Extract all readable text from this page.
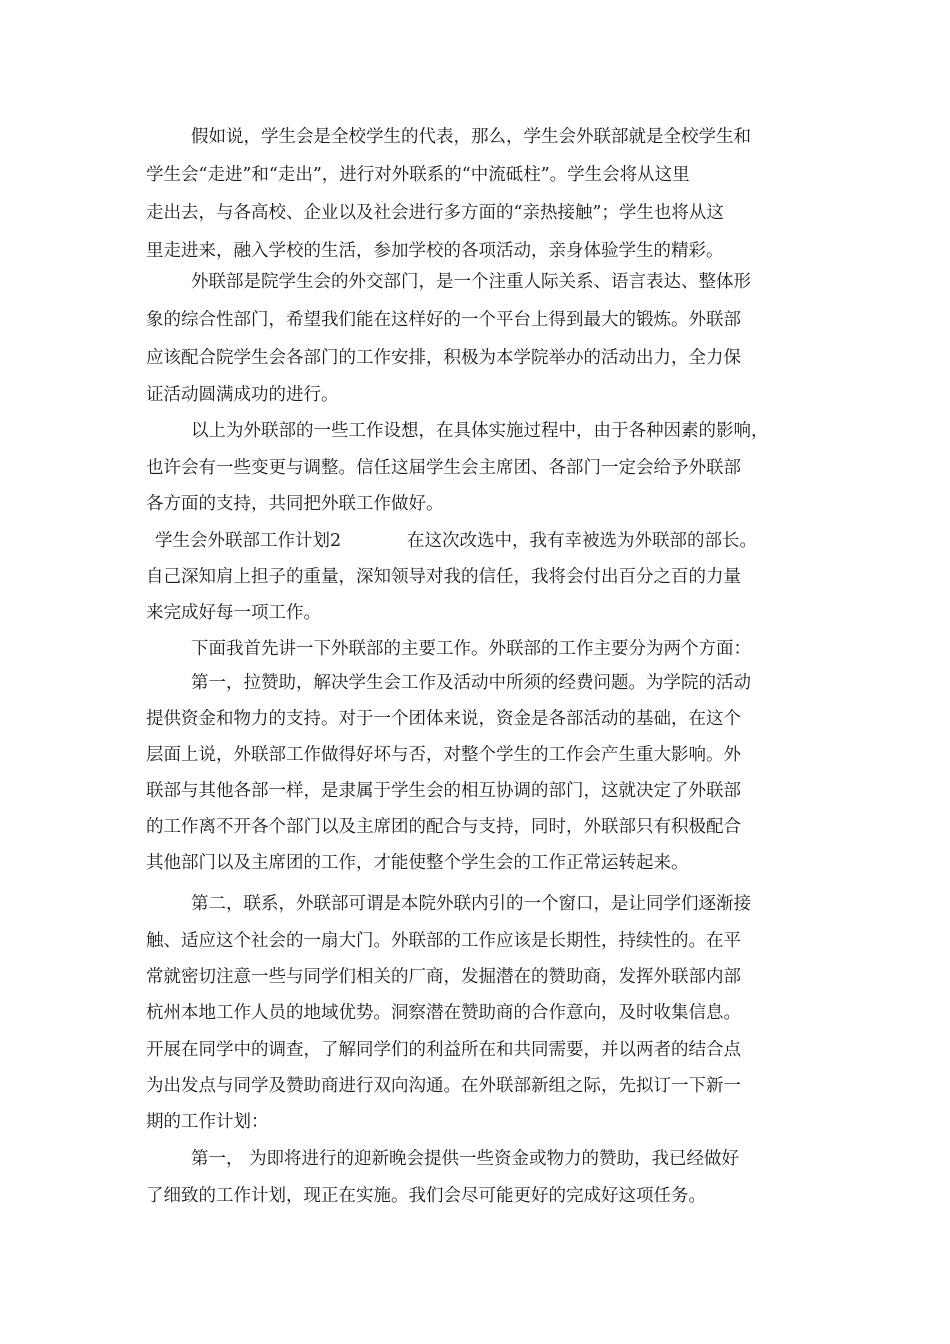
假如说，学生会是全校学生的代表，那么，学生会外联部就是全校学生和
学生会“走进”和“走出”，进行对外联系的“中流砥柱”。学生会将从这里
走出去，与各高校、企业以及社会进行多方面的“亲热接触”；学生也将从这
里走进来，融入学校的生活，参加学校的各项活动，亲身体验学生的精彩。
外联部是院学生会的外交部门，是一个注重人际关系、语言表达、整体形
象的综合性部门，希望我们能在这样好的一个平台上得到最大的锻炼。外联部
应该配合院学生会各部门的工作安排，积极为本学院举办的活动出力，全力保
证活动圆满成功的进行。
以上为外联部的一些工作设想，在具体实施过程中，由于各种因素的影响，
也许会有一些变更与调整。信任这届学生会主席团、各部门一定会给予外联部
各方面的支持，共同把外联工作做好。
学生会外联部工作计划2	在这次改选中，我有幸被选为外联部的部长。
自己深知肩上担子的重量，深知领导对我的信任，我将会付出百分之百的力量
来完成好每一项工作。
下面我首先讲一下外联部的主要工作。外联部的工作主要分为两个方面：
第一，拉赞助，解决学生会工作及活动中所须的经费问题。为学院的活动
提供资金和物力的支持。对于一个团体来说，资金是各部活动的基础，在这个
层面上说，外联部工作做得好坏与否，对整个学生的工作会产生重大影响。外
联部与其他各部一样，是隶属于学生会的相互协调的部门，这就决定了外联部
的工作离不开各个部门以及主席团的配合与支持，同时，外联部只有积极配合
其他部门以及主席团的工作，才能使整个学生会的工作正常运转起来。
第二，联系，外联部可谓是本院外联内引的一个窗口，是让同学们逐渐接
触、适应这个社会的一扇大门。外联部的工作应该是长期性，持续性的。在平
常就密切注意一些与同学们相关的厂商，发掘潜在的赞助商，发挥外联部内部
杭州本地工作人员的地域优势。洞察潜在赞助商的合作意向，及时收集信息。
开展在同学中的调查，了解同学们的利益所在和共同需要，并以两者的结合点
为出发点与同学及赞助商进行双向沟通。在外联部新组之际，先拟订一下新一
期的工作计划：
第一， 为即将进行的迎新晚会提供一些资金或物力的赞助，我已经做好
了细致的工作计划，现正在实施。我们会尽可能更好的完成好这项任务。
